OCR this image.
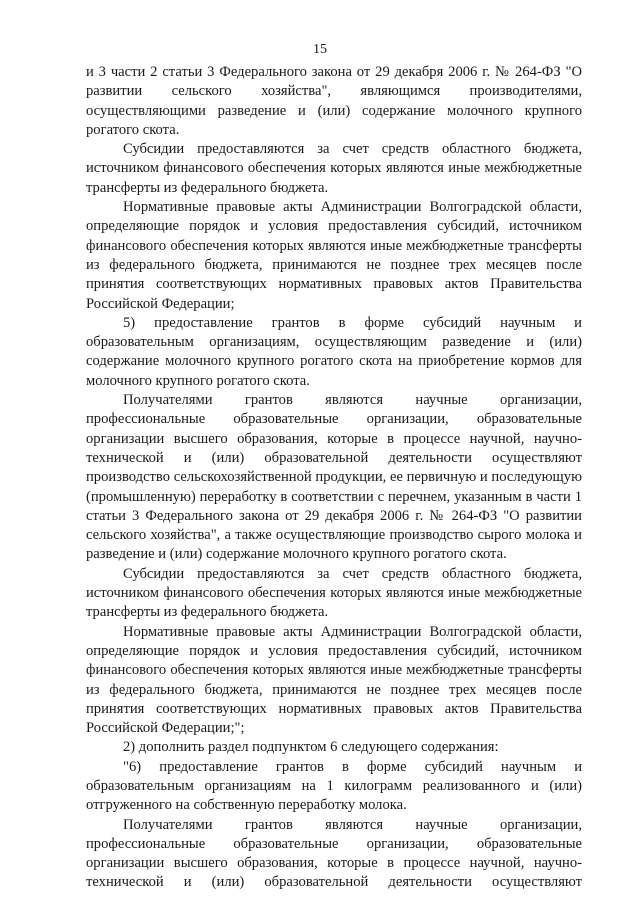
15

и 3 части 2 статьи 3 Федерального закона от 29 декабря 2006 г. № 264-ФЗ "О развитии сельского хозяйства", являющимся производителями, осуществляющими разведение и (или) содержание молочного крупного рогатого скота.

Субсидии предоставляются за счет средств областного бюджета, источником финансового обеспечения которых являются иные межбюджетные трансферты из федерального бюджета.

Нормативные правовые акты Администрации Волгоградской области, определяющие порядок и условия предоставления субсидий, источником финансового обеспечения которых являются иные межбюджетные трансферты из федерального бюджета, принимаются не позднее трех месяцев после принятия соответствующих нормативных правовых актов Правительства Российской Федерации;

5) предоставление грантов в форме субсидий научным и образовательным организациям, осуществляющим разведение и (или) содержание молочного крупного рогатого скота на приобретение кормов для молочного крупного рогатого скота.

Получателями грантов являются научные организации, профессиональные образовательные организации, образовательные организации высшего образования, которые в процессе научной, научно-технической и (или) образовательной деятельности осуществляют производство сельскохозяйственной продукции, ее первичную и последующую (промышленную) переработку в соответствии с перечнем, указанным в части 1 статьи 3 Федерального закона от 29 декабря 2006 г. № 264-ФЗ "О развитии сельского хозяйства", а также осуществляющие производство сырого молока и разведение и (или) содержание молочного крупного рогатого скота.

Субсидии предоставляются за счет средств областного бюджета, источником финансового обеспечения которых являются иные межбюджетные трансферты из федерального бюджета.

Нормативные правовые акты Администрации Волгоградской области, определяющие порядок и условия предоставления субсидий, источником финансового обеспечения которых являются иные межбюджетные трансферты из федерального бюджета, принимаются не позднее трех месяцев после принятия соответствующих нормативных правовых актов Правительства Российской Федерации;";

2) дополнить раздел подпунктом 6 следующего содержания:

"6) предоставление грантов в форме субсидий научным и образовательным организациям на 1 килограмм реализованного и (или) отгруженного на собственную переработку молока.

Получателями грантов являются научные организации, профессиональные образовательные организации, образовательные организации высшего образования, которые в процессе научной, научно-технической и (или) образовательной деятельности осуществляют
